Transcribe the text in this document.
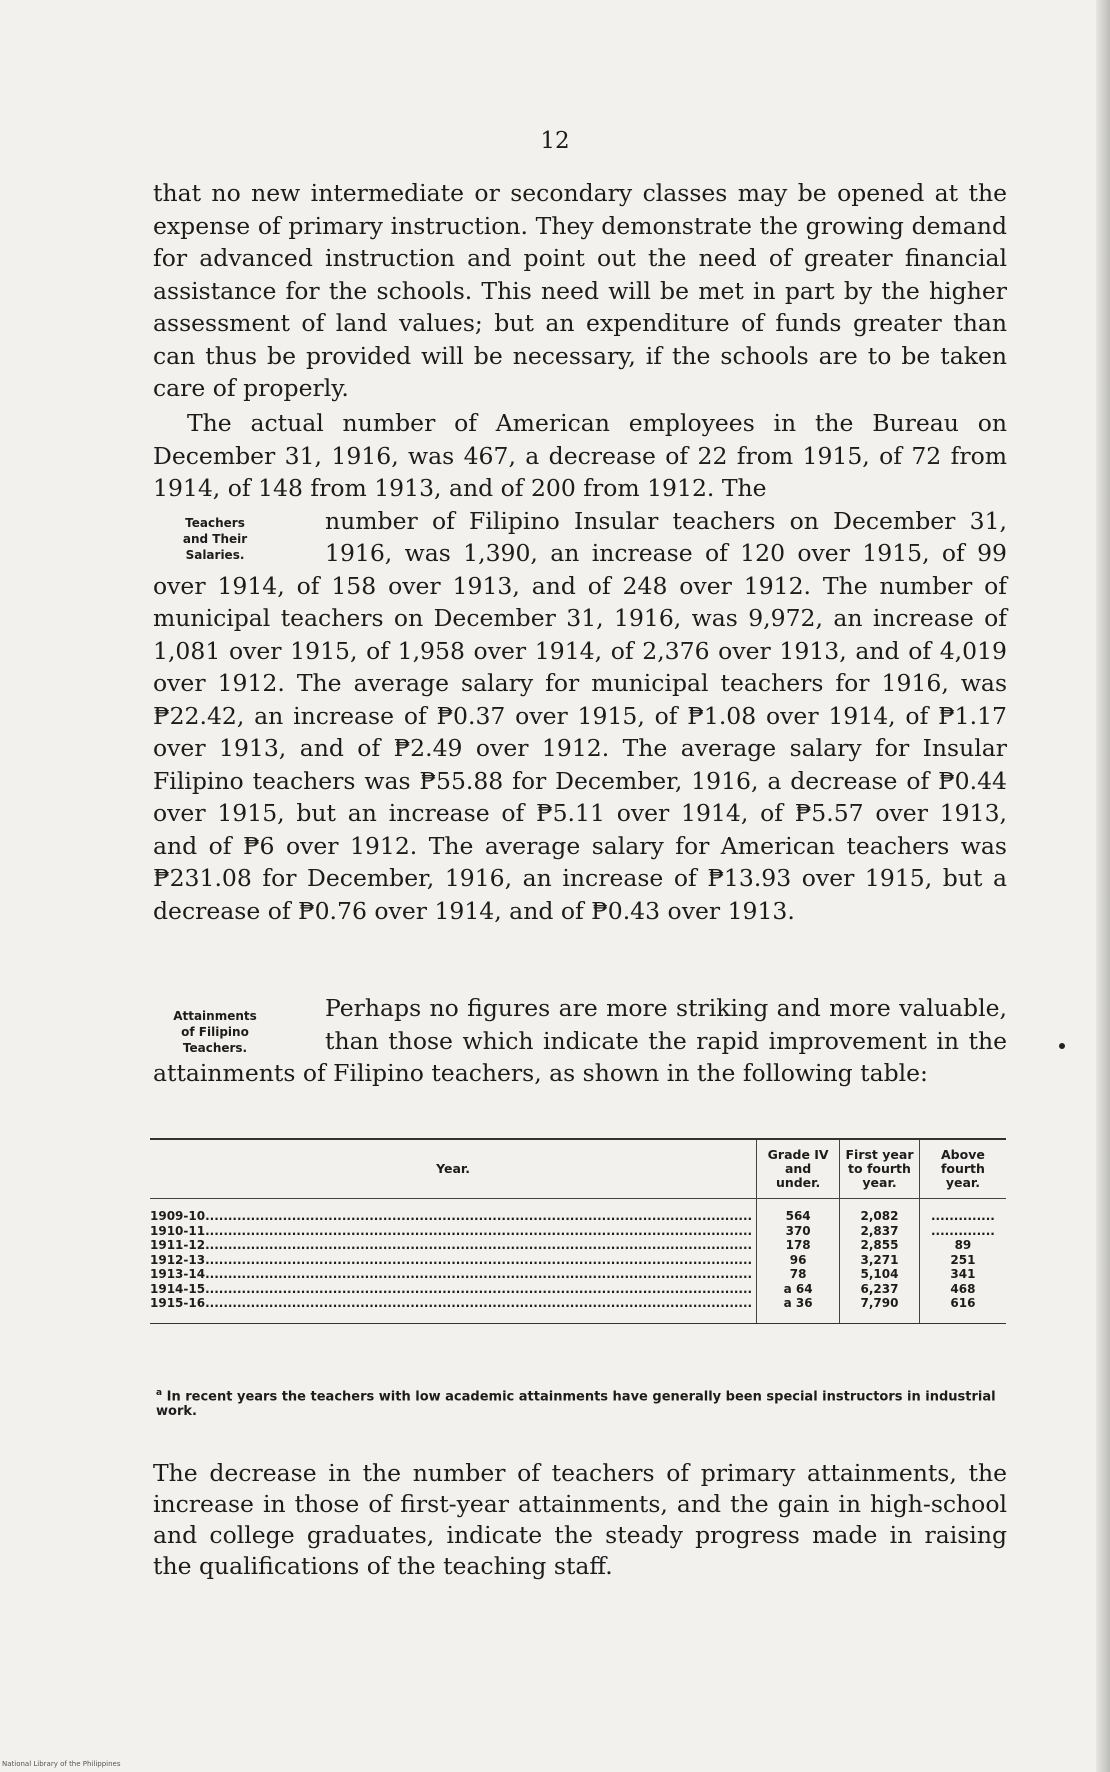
12

that no new intermediate or secondary classes may be opened at the expense of primary instruction. They demonstrate the growing demand for advanced instruction and point out the need of greater financial assistance for the schools. This need will be met in part by the higher assessment of land values; but an expenditure of funds greater than can thus be provided will be necessary, if the schools are to be taken care of properly.

The actual number of American employees in the Bureau on December 31, 1916, was 467, a decrease of 22 from 1915, of 72 from 1914, of 148 from 1913, and of 200 from 1912. The

Teachers
and Their
Salaries.

number of Filipino Insular teachers on December 31, 1916, was 1,390, an increase of 120 over 1915, of 99 over 1914, of 158 over 1913, and of 248 over 1912. The number of municipal teachers on December 31, 1916, was 9,972, an increase of 1,081 over 1915, of 1,958 over 1914, of 2,376 over 1913, and of 4,019 over 1912. The average salary for municipal teachers for 1916, was ₱22.42, an increase of ₱0.37 over 1915, of ₱1.08 over 1914, of ₱1.17 over 1913, and of ₱2.49 over 1912. The average salary for Insular Filipino teachers was ₱55.88 for December, 1916, a decrease of ₱0.44 over 1915, but an increase of ₱5.11 over 1914, of ₱5.57 over 1913, and of ₱6 over 1912. The average salary for American teachers was ₱231.08 for December, 1916, an increase of ₱13.93 over 1915, but a decrease of ₱0.76 over 1914, and of ₱0.43 over 1913.

Attainments
of Filipino
Teachers.

Perhaps no figures are more striking and more valuable, than those which indicate the rapid improvement in the attainments of Filipino teachers, as shown in the following table:

Year.	Grade IV and under.	First year to fourth year.	Above fourth year.
1909-10........................................................................................................................	564	2,082	..............
1910-11........................................................................................................................	370	2,837	..............
1911-12........................................................................................................................	178	2,855	89
1912-13........................................................................................................................	96	3,271	251
1913-14........................................................................................................................	78	5,104	341
1914-15........................................................................................................................	a 64	6,237	468
1915-16........................................................................................................................	a 36	7,790	616
$^a$ In recent years the teachers with low academic attainments have generally been special instructors in industrial work.

The decrease in the number of teachers of primary attainments, the increase in those of first-year attainments, and the gain in high-school and college graduates, indicate the steady progress made in raising the qualifications of the teaching staff.

National Library of the Philippines
